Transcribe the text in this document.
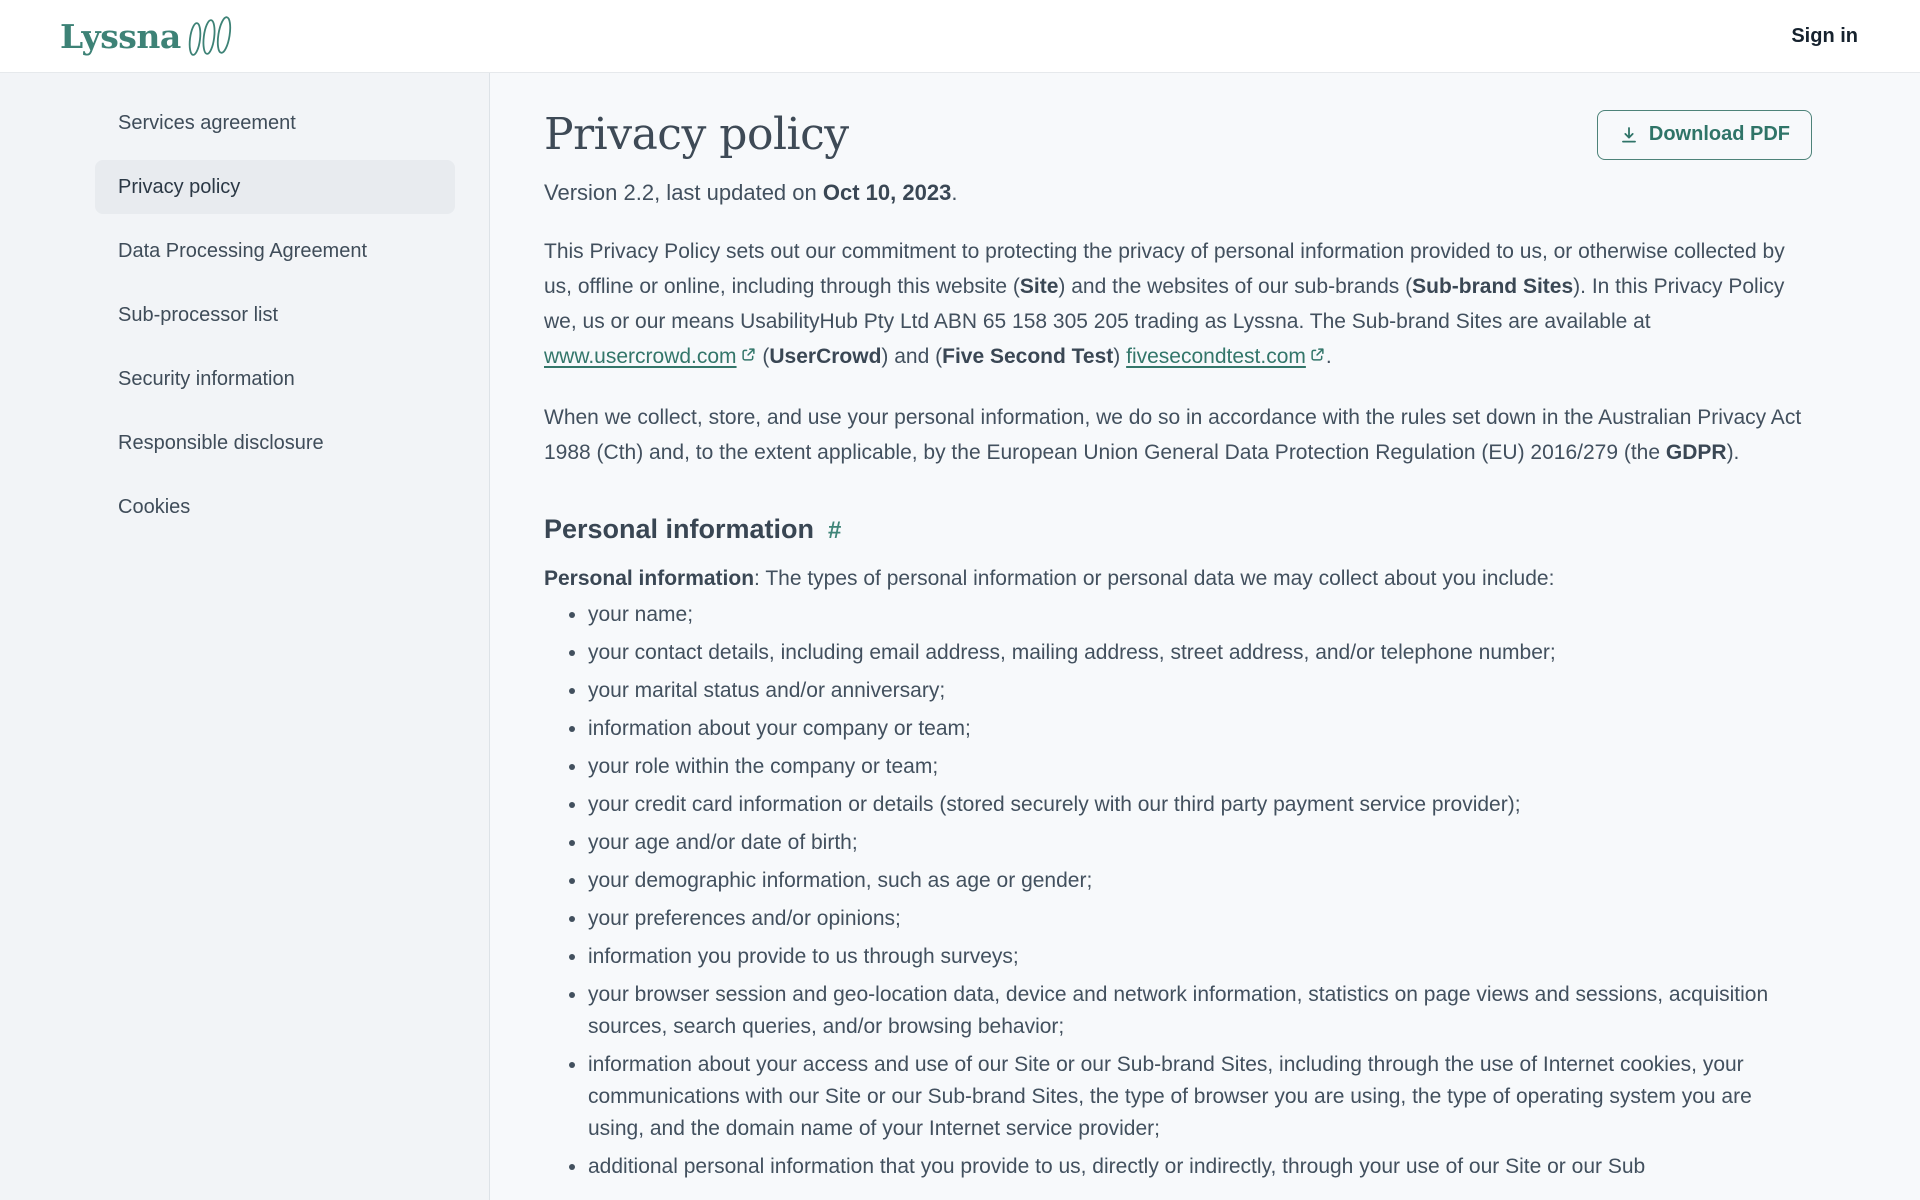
Lyssna	Sign in
Services agreement
Privacy policy
Data Processing Agreement
Sub-processor list
Security information
Responsible disclosure
Cookies
Privacy policy	Download PDF

Version 2.2, last updated on Oct 10, 2023.

This Privacy Policy sets out our commitment to protecting the privacy of personal information provided to us, or otherwise collected by us, offline or online, including through this website (Site) and the websites of our sub-brands (Sub-brand Sites). In this Privacy Policy we, us or our means UsabilityHub Pty Ltd ABN 65 158 305 205 trading as Lyssna. The Sub-brand Sites are available at www.usercrowd.com (UserCrowd) and (Five Second Test) fivesecondtest.com .

When we collect, store, and use your personal information, we do so in accordance with the rules set down in the Australian Privacy Act 1988 (Cth) and, to the extent applicable, by the European Union General Data Protection Regulation (EU) 2016/279 (the GDPR).

Personal information #

Personal information: The types of personal information or personal data we may collect about you include:

your name;
your contact details, including email address, mailing address, street address, and/or telephone number;
your marital status and/or anniversary;
information about your company or team;
your role within the company or team;
your credit card information or details (stored securely with our third party payment service provider);
your age and/or date of birth;
your demographic information, such as age or gender;
your preferences and/or opinions;
information you provide to us through surveys;
your browser session and geo-location data, device and network information, statistics on page views and sessions, acquisition sources, search queries, and/or browsing behavior;
information about your access and use of our Site or our Sub-brand Sites, including through the use of Internet cookies, your communications with our Site or our Sub-brand Sites, the type of browser you are using, the type of operating system you are using, and the domain name of your Internet service provider;
additional personal information that you provide to us, directly or indirectly, through your use of our Site or our Sub
